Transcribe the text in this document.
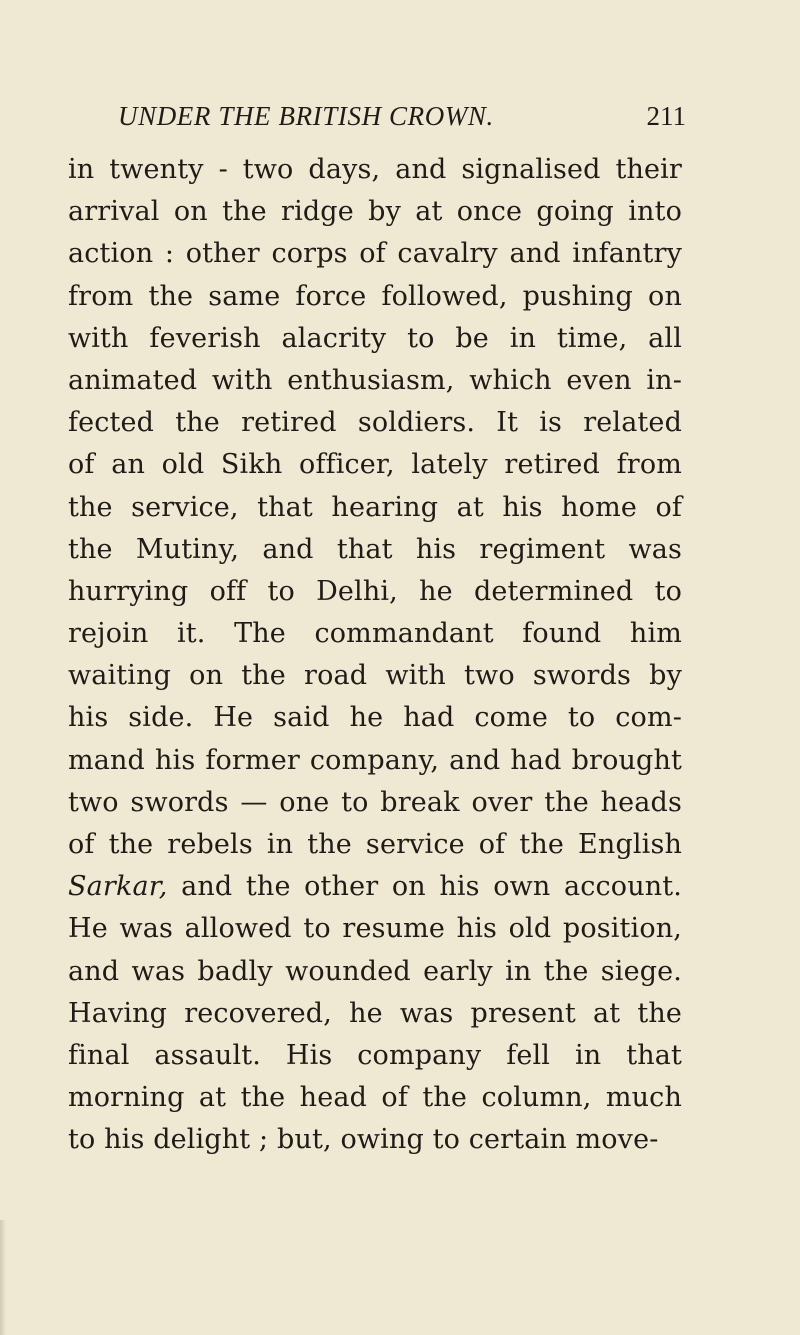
UNDER THE BRITISH CROWN.	211
in twenty - two days, and signalised their
arrival on the ridge by at once going into
action : other corps of cavalry and infantry
from the same force followed, pushing on
with feverish alacrity to be in time, all
animated with enthusiasm, which even in-
fected the retired soldiers. It is related
of an old Sikh officer, lately retired from
the service, that hearing at his home of
the Mutiny, and that his regiment was
hurrying off to Delhi, he determined to
rejoin it. The commandant found him
waiting on the road with two swords by
his side. He said he had come to com-
mand his former company, and had brought
two swords — one to break over the heads
of the rebels in the service of the English
Sarkar, and the other on his own account.
He was allowed to resume his old position,
and was badly wounded early in the siege.
Having recovered, he was present at the
final assault. His company fell in that
morning at the head of the column, much
to his delight ; but, owing to certain move-
